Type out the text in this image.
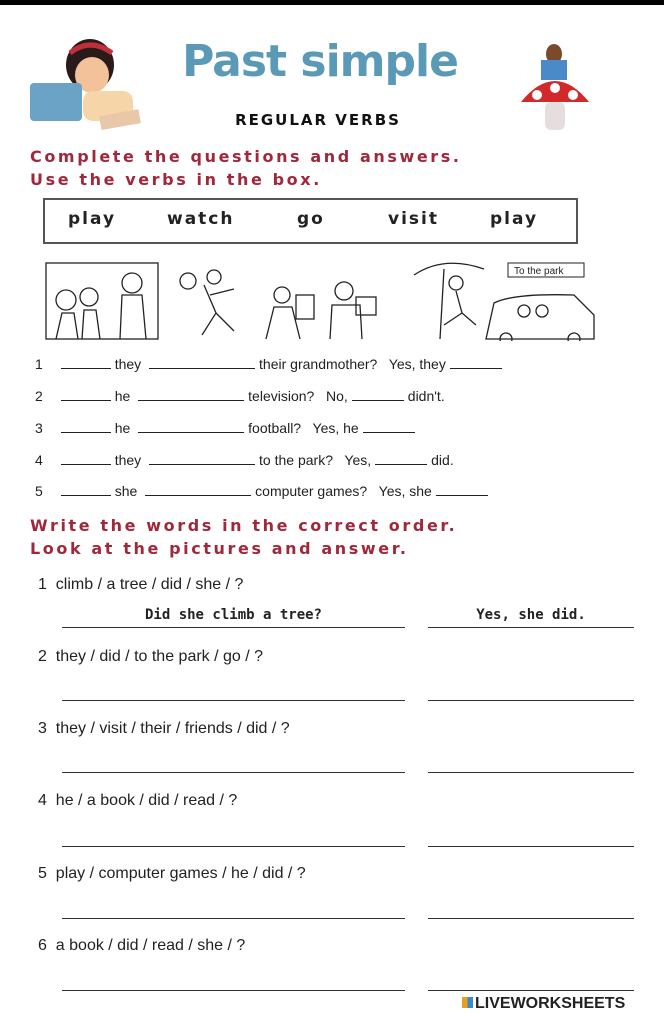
Past simple
REGULAR VERBS
Complete the questions and answers.
Use the verbs in the box.
play	watch	go	visit	play
To the park
1	they	their grandmother? Yes, they
2	he	television? No,	didn't.
3	he	football? Yes, he
4	they	to the park? Yes,	did.
5	she	computer games? Yes, she
Write the words in the correct order.
Look at the pictures and answer.
1 climb / a tree / did / she / ?
Did she climb a tree?	Yes, she did.
2 they / did / to the park / go / ?
3 they / visit / their / friends / did / ?
4 he / a book / did / read / ?
5 play / computer games / he / did / ?
6 a book / did / read / she / ?
LIVEWORKSHEETS
